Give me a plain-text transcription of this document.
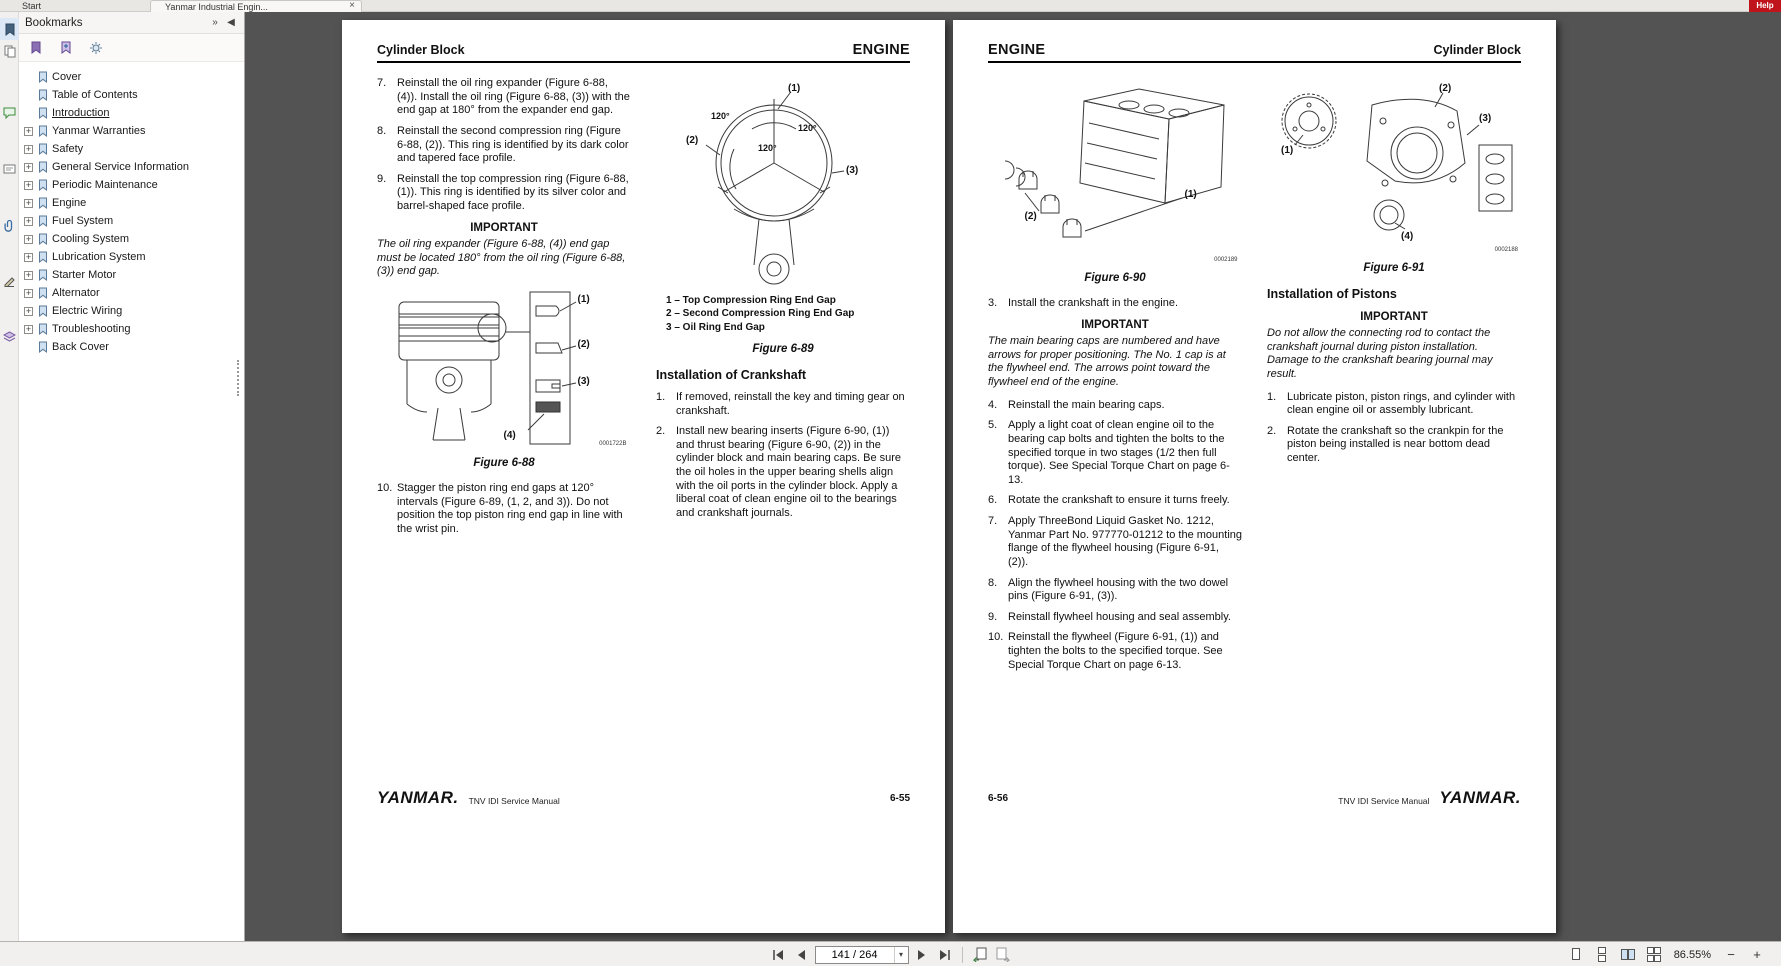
Start	Yanmar Industrial Engin...	×	Help
Bookmarks	» ◀
Cover
Table of Contents
Introduction
+ Yanmar Warranties
+ Safety
+ General Service Information
+ Periodic Maintenance
+ Engine
+ Fuel System
+ Cooling System
+ Lubrication System
+ Starter Motor
+ Alternator
+ Electric Wiring
+ Troubleshooting
Back Cover
Cylinder Block	ENGINE
7. Reinstall the oil ring expander (Figure 6-88, (4)). Install the oil ring (Figure 6-88, (3)) with the end gap at 180° from the expander end gap.
8. Reinstall the second compression ring (Figure 6-88, (2)). This ring is identified by its dark color and tapered face profile.
9. Reinstall the top compression ring (Figure 6-88, (1)). This ring is identified by its silver color and barrel-shaped face profile.
IMPORTANT
The oil ring expander (Figure 6-88, (4)) end gap must be located 180° from the oil ring (Figure 6-88, (3)) end gap.
(1)
(2)
(3)
(4)
0001722B
Figure 6-88
10. Stagger the piston ring end gaps at 120° intervals (Figure 6-89, (1, 2, and 3)). Do not position the top piston ring end gap in line with the wrist pin.
120°
120°
120°
(1)
(2)
(3)
1 – Top Compression Ring End Gap
2 – Second Compression Ring End Gap
3 – Oil Ring End Gap
Figure 6-89
Installation of Crankshaft
1. If removed, reinstall the key and timing gear on crankshaft.
2. Install new bearing inserts (Figure 6-90, (1)) and thrust bearing (Figure 6-90, (2)) in the cylinder block and main bearing caps. Be sure the oil holes in the upper bearing shells align with the oil ports in the cylinder block. Apply a liberal coat of clean engine oil to the bearings and crankshaft journals.
YANMAR. TNV IDI Service Manual	6-55
ENGINE	Cylinder Block
(1)
(2)
0002189
Figure 6-90
3. Install the crankshaft in the engine.
IMPORTANT
The main bearing caps are numbered and have arrows for proper positioning. The No. 1 cap is at the flywheel end. The arrows point toward the flywheel end of the engine.
4. Reinstall the main bearing caps.
5. Apply a light coat of clean engine oil to the bearing cap bolts and tighten the bolts to the specified torque in two stages (1/2 then full torque). See Special Torque Chart on page 6-13.
6. Rotate the crankshaft to ensure it turns freely.
7. Apply ThreeBond Liquid Gasket No. 1212, Yanmar Part No. 977770-01212 to the mounting flange of the flywheel housing (Figure 6-91, (2)).
8. Align the flywheel housing with the two dowel pins (Figure 6-91, (3)).
9. Reinstall flywheel housing and seal assembly.
10. Reinstall the flywheel (Figure 6-91, (1)) and tighten the bolts to the specified torque. See Special Torque Chart on page 6-13.
(1)
(2)
(3)
(4)
0002188
Figure 6-91
Installation of Pistons
IMPORTANT
Do not allow the connecting rod to contact the crankshaft journal during piston installation. Damage to the crankshaft bearing journal may result.
1. Lubricate piston, piston rings, and cylinder with clean engine oil or assembly lubricant.
2. Rotate the crankshaft so the crankpin for the piston being installed is near bottom dead center.
6-56	TNV IDI Service Manual YANMAR.
141 / 264
▾	86.55%	−	+
